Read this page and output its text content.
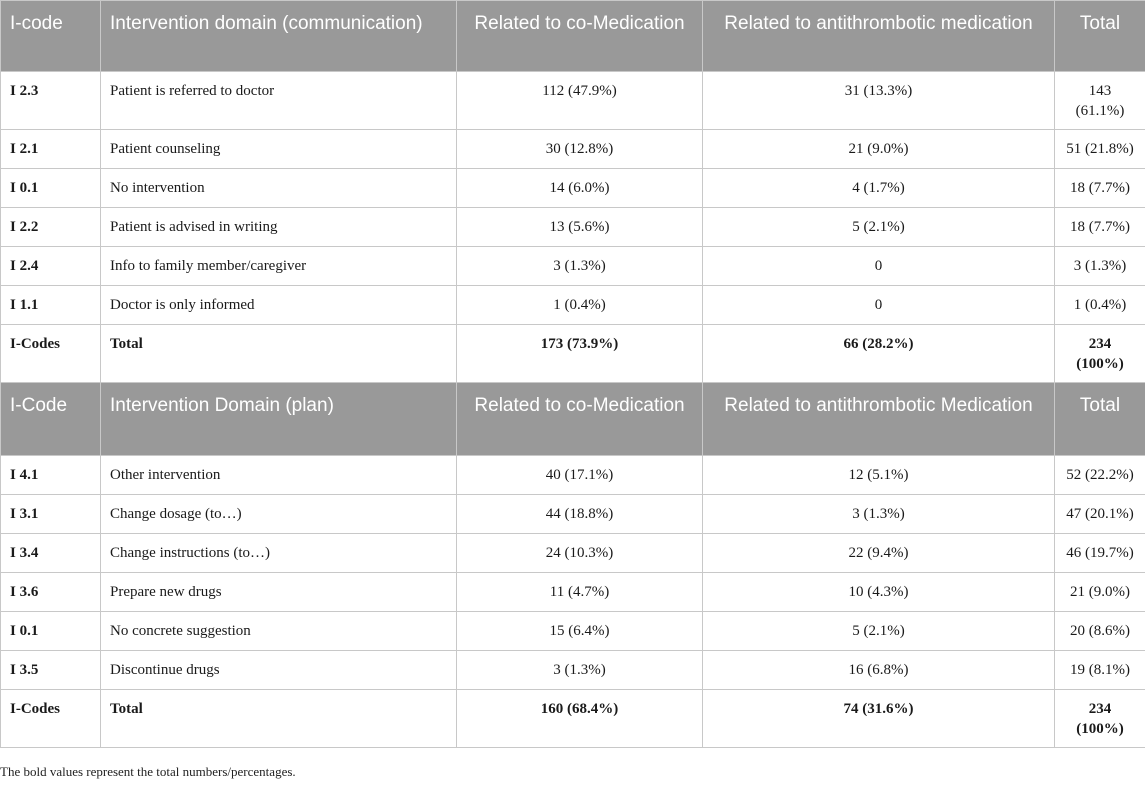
I-code	Intervention domain (communication)	Related to co-Medication	Related to antithrombotic medication	Total
I 2.3	Patient is referred to doctor	112 (47.9%)	31 (13.3%)	143 (61.1%)
I 2.1	Patient counseling	30 (12.8%)	21 (9.0%)	51 (21.8%)
I 0.1	No intervention	14 (6.0%)	4 (1.7%)	18 (7.7%)
I 2.2	Patient is advised in writing	13 (5.6%)	5 (2.1%)	18 (7.7%)
I 2.4	Info to family member/caregiver	3 (1.3%)	0	3 (1.3%)
I 1.1	Doctor is only informed	1 (0.4%)	0	1 (0.4%)
I-Codes	Total	173 (73.9%)	66 (28.2%)	234 (100%)
I-Code	Intervention Domain (plan)	Related to co-Medication	Related to antithrombotic Medication	Total
I 4.1	Other intervention	40 (17.1%)	12 (5.1%)	52 (22.2%)
I 3.1	Change dosage (to…)	44 (18.8%)	3 (1.3%)	47 (20.1%)
I 3.4	Change instructions (to…)	24 (10.3%)	22 (9.4%)	46 (19.7%)
I 3.6	Prepare new drugs	11 (4.7%)	10 (4.3%)	21 (9.0%)
I 0.1	No concrete suggestion	15 (6.4%)	5 (2.1%)	20 (8.6%)
I 3.5	Discontinue drugs	3 (1.3%)	16 (6.8%)	19 (8.1%)
I-Codes	Total	160 (68.4%)	74 (31.6%)	234 (100%)
The bold values represent the total numbers/percentages.
